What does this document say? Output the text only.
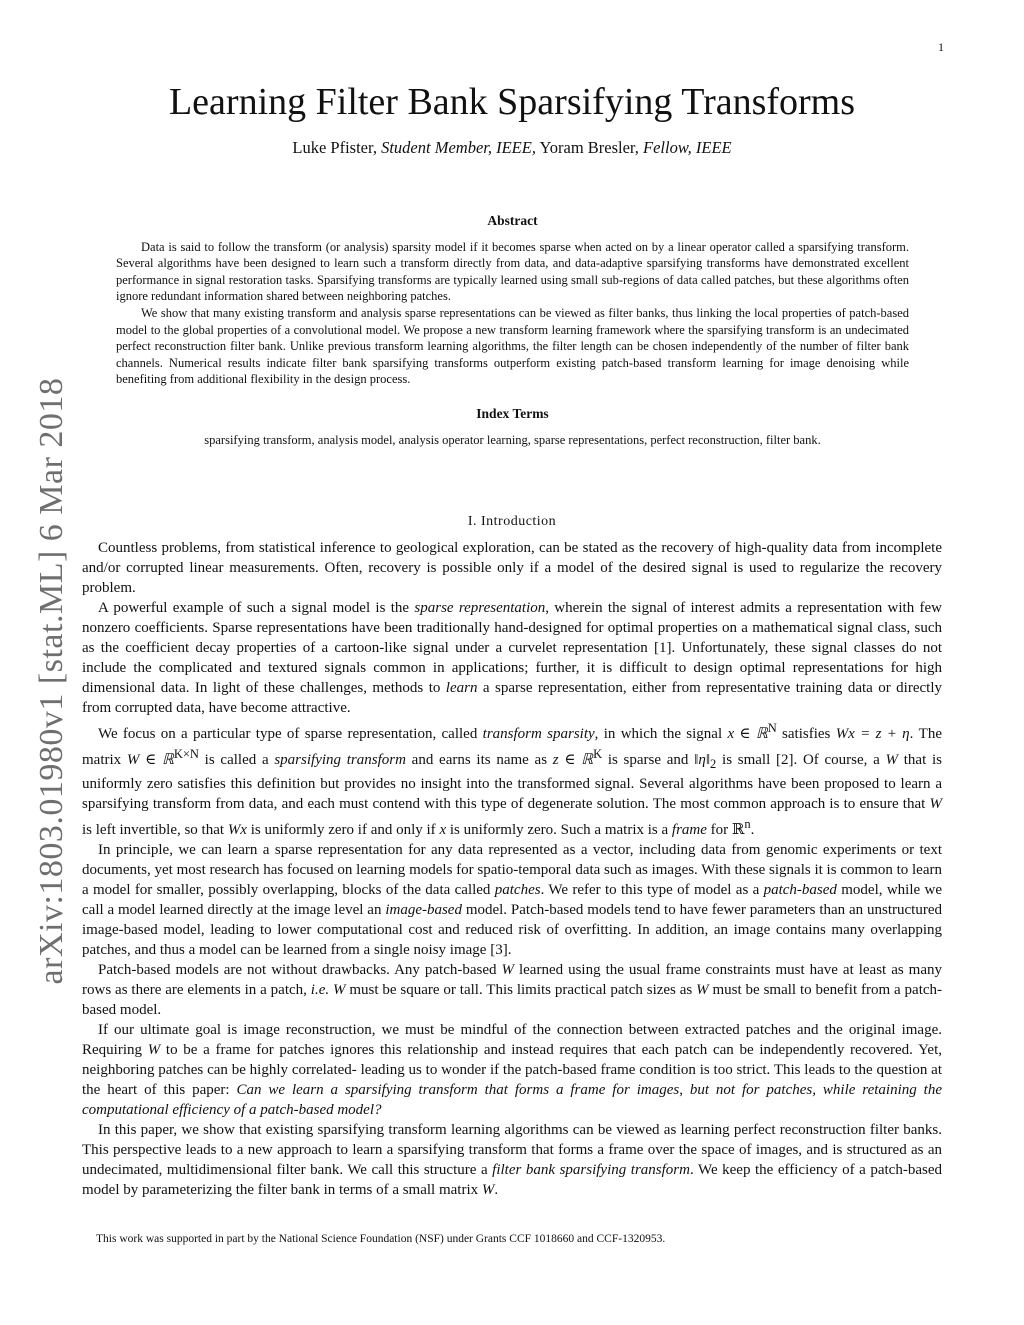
1
arXiv:1803.01980v1 [stat.ML] 6 Mar 2018
Learning Filter Bank Sparsifying Transforms
Luke Pfister, Student Member, IEEE, Yoram Bresler, Fellow, IEEE
Abstract

Data is said to follow the transform (or analysis) sparsity model if it becomes sparse when acted on by a linear operator called a sparsifying transform. Several algorithms have been designed to learn such a transform directly from data, and data-adaptive sparsifying transforms have demonstrated excellent performance in signal restoration tasks. Sparsifying transforms are typically learned using small sub-regions of data called patches, but these algorithms often ignore redundant information shared between neighboring patches.

We show that many existing transform and analysis sparse representations can be viewed as filter banks, thus linking the local properties of patch-based model to the global properties of a convolutional model. We propose a new transform learning framework where the sparsifying transform is an undecimated perfect reconstruction filter bank. Unlike previous transform learning algorithms, the filter length can be chosen independently of the number of filter bank channels. Numerical results indicate filter bank sparsifying transforms outperform existing patch-based transform learning for image denoising while benefiting from additional flexibility in the design process.

Index Terms
sparsifying transform, analysis model, analysis operator learning, sparse representations, perfect reconstruction, filter bank.
I. Introduction

Countless problems, from statistical inference to geological exploration, can be stated as the recovery of high-quality data from incomplete and/or corrupted linear measurements. Often, recovery is possible only if a model of the desired signal is used to regularize the recovery problem.

A powerful example of such a signal model is the sparse representation, wherein the signal of interest admits a representation with few nonzero coefficients. Sparse representations have been traditionally hand-designed for optimal properties on a mathematical signal class, such as the coefficient decay properties of a cartoon-like signal under a curvelet representation [1]. Unfortunately, these signal classes do not include the complicated and textured signals common in applications; further, it is difficult to design optimal representations for high dimensional data. In light of these challenges, methods to learn a sparse representation, either from representative training data or directly from corrupted data, have become attractive.

We focus on a particular type of sparse representation, called transform sparsity, in which the signal x ∈ ℝ$^N$ satisfies Wx = z + η. The matrix W ∈ ℝ$^{K\times N}$ is called a sparsifying transform and earns its name as z ∈ ℝ$^K$ is sparse and $‖\eta‖_2$ is small [2]. Of course, a W that is uniformly zero satisfies this definition but provides no insight into the transformed signal. Several algorithms have been proposed to learn a sparsifying transform from data, and each must contend with this type of degenerate solution. The most common approach is to ensure that W is left invertible, so that Wx is uniformly zero if and only if x is uniformly zero. Such a matrix is a frame for ℝ$^n$.

In principle, we can learn a sparse representation for any data represented as a vector, including data from genomic experiments or text documents, yet most research has focused on learning models for spatio-temporal data such as images. With these signals it is common to learn a model for smaller, possibly overlapping, blocks of the data called patches. We refer to this type of model as a patch-based model, while we call a model learned directly at the image level an image-based model. Patch-based models tend to have fewer parameters than an unstructured image-based model, leading to lower computational cost and reduced risk of overfitting. In addition, an image contains many overlapping patches, and thus a model can be learned from a single noisy image [3].

Patch-based models are not without drawbacks. Any patch-based W learned using the usual frame constraints must have at least as many rows as there are elements in a patch, i.e. W must be square or tall. This limits practical patch sizes as W must be small to benefit from a patch-based model.

If our ultimate goal is image reconstruction, we must be mindful of the connection between extracted patches and the original image. Requiring W to be a frame for patches ignores this relationship and instead requires that each patch can be independently recovered. Yet, neighboring patches can be highly correlated- leading us to wonder if the patch-based frame condition is too strict. This leads to the question at the heart of this paper: Can we learn a sparsifying transform that forms a frame for images, but not for patches, while retaining the computational efficiency of a patch-based model?

In this paper, we show that existing sparsifying transform learning algorithms can be viewed as learning perfect reconstruction filter banks. This perspective leads to a new approach to learn a sparsifying transform that forms a frame over the space of images, and is structured as an undecimated, multidimensional filter bank. We call this structure a filter bank sparsifying transform. We keep the efficiency of a patch-based model by parameterizing the filter bank in terms of a small matrix W.

This work was supported in part by the National Science Foundation (NSF) under Grants CCF 1018660 and CCF-1320953.
